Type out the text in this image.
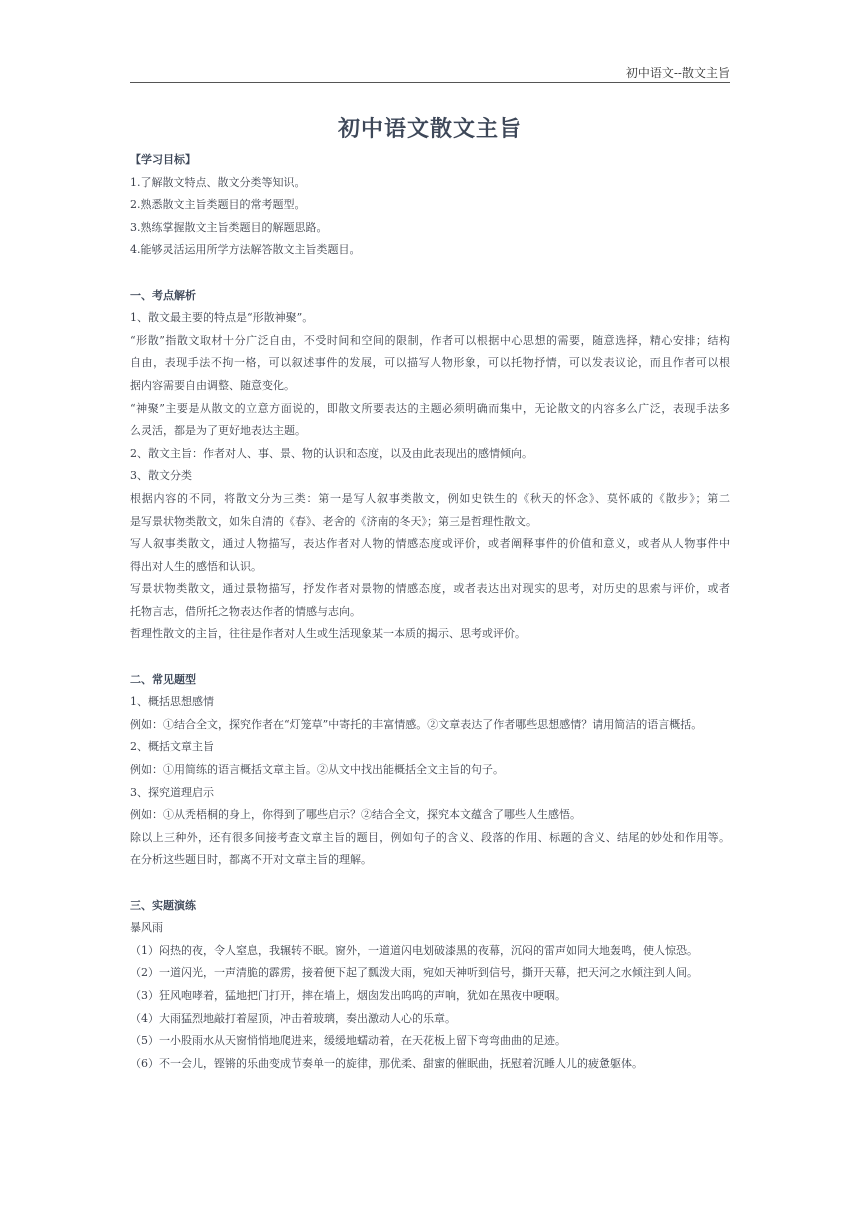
初中语文--散文主旨
初中语文散文主旨
【学习目标】
1.了解散文特点、散文分类等知识。
2.熟悉散文主旨类题目的常考题型。
3.熟练掌握散文主旨类题目的解题思路。
4.能够灵活运用所学方法解答散文主旨类题目。
一、考点解析
1、散文最主要的特点是“形散神聚”。
“形散”指散文取材十分广泛自由，不受时间和空间的限制，作者可以根据中心思想的需要，随意选择，精心安排；结构
自由，表现手法不拘一格，可以叙述事件的发展，可以描写人物形象，可以托物抒情，可以发表议论，而且作者可以根
据内容需要自由调整、随意变化。
“神聚”主要是从散文的立意方面说的，即散文所要表达的主题必须明确而集中，无论散文的内容多么广泛，表现手法多
么灵活，都是为了更好地表达主题。
2、散文主旨：作者对人、事、景、物的认识和态度，以及由此表现出的感情倾向。
3、散文分类
根据内容的不同，将散文分为三类：第一是写人叙事类散文，例如史铁生的《秋天的怀念》、莫怀戚的《散步》；第二
是写景状物类散文，如朱自清的《春》、老舍的《济南的冬天》；第三是哲理性散文。
写人叙事类散文，通过人物描写，表达作者对人物的情感态度或评价，或者阐释事件的价值和意义，或者从人物事件中
得出对人生的感悟和认识。
写景状物类散文，通过景物描写，抒发作者对景物的情感态度，或者表达出对现实的思考，对历史的思索与评价，或者
托物言志，借所托之物表达作者的情感与志向。
哲理性散文的主旨，往往是作者对人生或生活现象某一本质的揭示、思考或评价。
二、常见题型
1、概括思想感情
例如：①结合全文，探究作者在“灯笼草”中寄托的丰富情感。②文章表达了作者哪些思想感情？请用简洁的语言概括。
2、概括文章主旨
例如：①用简练的语言概括文章主旨。②从文中找出能概括全文主旨的句子。
3、探究道理启示
例如：①从秃梧桐的身上，你得到了哪些启示？②结合全文，探究本文蕴含了哪些人生感悟。
除以上三种外，还有很多间接考查文章主旨的题目，例如句子的含义、段落的作用、标题的含义、结尾的妙处和作用等。
在分析这些题目时，都离不开对文章主旨的理解。
三、实题演练
暴风雨
（1）闷热的夜，令人窒息，我辗转不眠。窗外，一道道闪电划破漆黑的夜幕，沉闷的雷声如同大地轰鸣，使人惊恐。
（2）一道闪光，一声清脆的霹雳，接着便下起了瓢泼大雨，宛如天神听到信号，撕开天幕，把天河之水倾注到人间。
（3）狂风咆哮着，猛地把门打开，摔在墙上，烟囱发出呜呜的声响，犹如在黑夜中哽咽。
（4）大雨猛烈地敲打着屋顶，冲击着玻璃，奏出激动人心的乐章。
（5）一小股雨水从天窗悄悄地爬进来，缓缓地蠕动着，在天花板上留下弯弯曲曲的足迹。
（6）不一会儿，铿锵的乐曲变成节奏单一的旋律，那优柔、甜蜜的催眠曲，抚慰着沉睡人儿的疲惫躯体。
